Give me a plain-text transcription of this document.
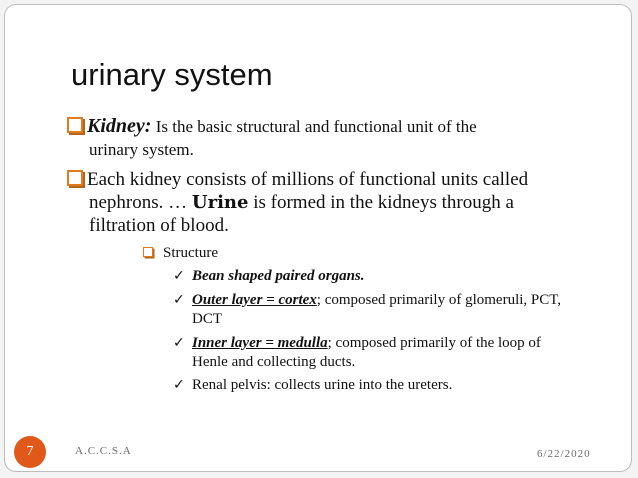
urinary system
Kidney: Is the basic structural and functional unit of the
urinary system.
Each kidney consists of millions of functional units called
nephrons. … Urine is formed in the kidneys through a
filtration of blood.
Structure
✓ Bean shaped paired organs.
✓ Outer layer = cortex; composed primarily of glomeruli, PCT,
DCT
✓ Inner layer = medulla; composed primarily of the loop of
Henle and collecting ducts.
✓ Renal pelvis: collects urine into the ureters.
A.C.C.S.A	6/22/2020
7
